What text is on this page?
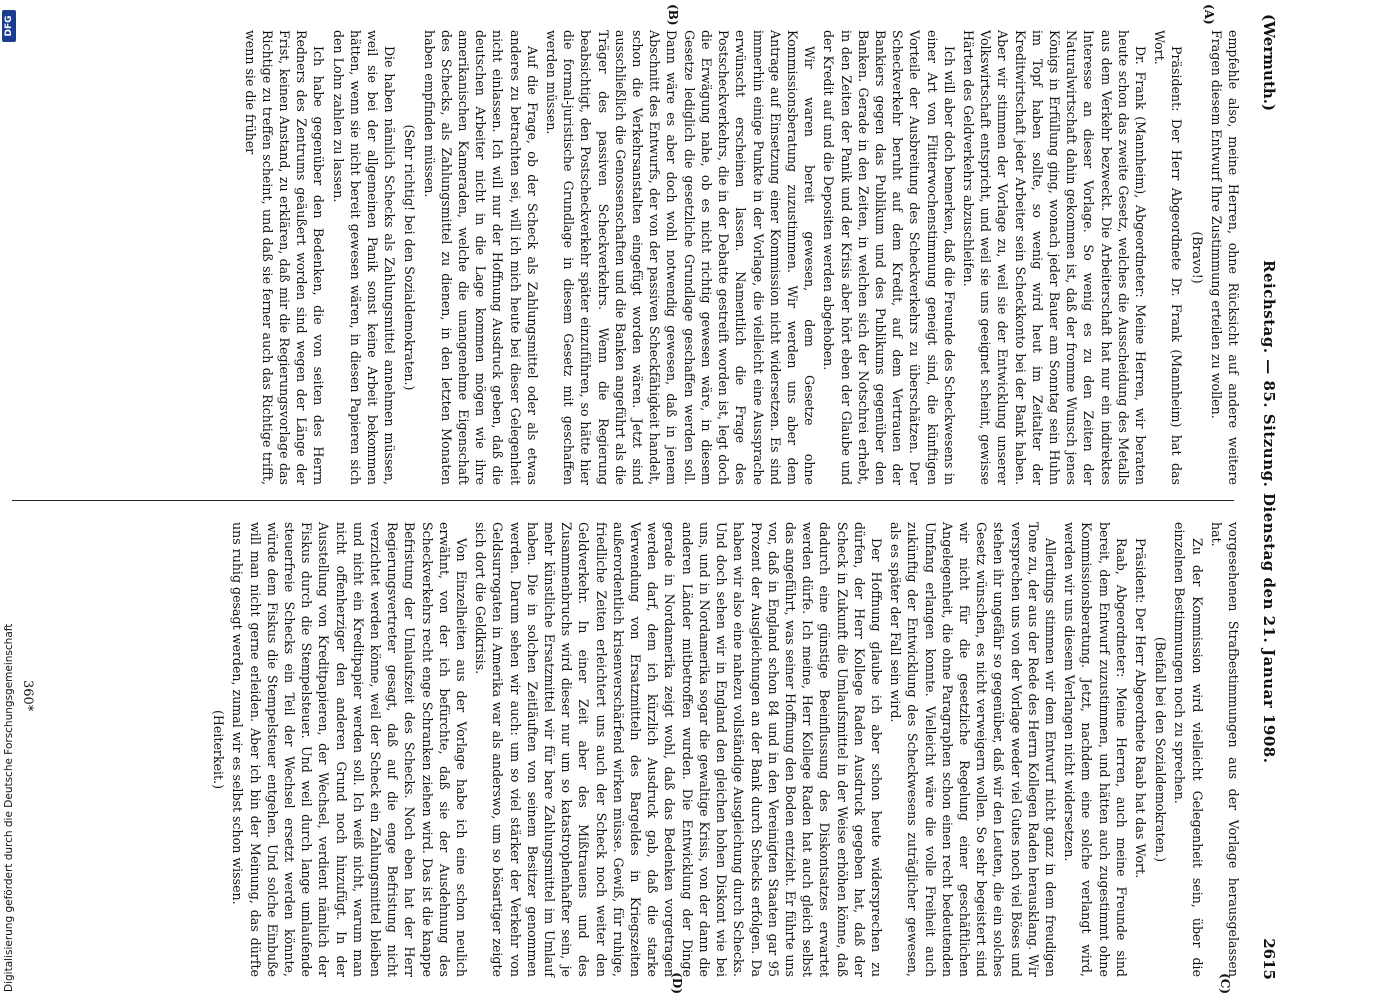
(Wermuth.)
Reichstag. — 85. Sitzung. Dienstag den 21. Januar 1908.
2615
(A)
(B)
(C)
(D)

empfehle also, meine Herren, ohne Rücksicht auf andere weitere Fragen diesem Entwurf Ihre Zustimmung erteilen zu wollen.

(Bravo!)

Präsident: Der Herr Abgeordnete Dr. Frank (Mannheim) hat das Wort.

Dr. Frank (Mannheim), Abgeordneter: Meine Herren, wir beraten heute schon das zweite Gesetz, welches die Ausscheidung des Metalls aus dem Verkehr bezweckt. Die Arbeiterschaft hat nur ein indirektes Interesse an dieser Vorlage. So wenig es zu den Zeiten der Naturalwirtschaft dahin gekommen ist, daß der fromme Wunsch jenes Königs in Erfüllung ging, wonach jeder Bauer am Sonntag sein Huhn im Topf haben sollte, so wenig wird heut im Zeitalter der Kreditwirtschaft jeder Arbeiter sein Scheckkonto bei der Bank haben. Aber wir stimmen der Vorlage zu, weil sie der Entwicklung unserer Volkswirtschaft entspricht, und weil sie uns geeignet scheint, gewisse Härten des Geldverkehrs abzuschleifen.

Ich will aber doch bemerken, daß die Freunde des Scheckwesens in einer Art von Flitterwochenstimmung geneigt sind, die künftigen Vorteile der Ausbreitung des Scheckverkehrs zu überschätzen. Der Scheckverkehr beruht auf dem Kredit, auf dem Vertrauen der Bankiers gegen das Publikum und des Publikums gegenüber den Banken. Gerade in den Zeiten, in welchen sich der Notschrei erhebt, in den Zeiten der Panik und der Krisis aber hört eben der Glaube und der Kredit auf und die Depositen werden abgehoben.

Wir waren bereit gewesen, dem Gesetze ohne Kommissionsberatung zuzustimmen. Wir werden uns aber dem Antrage auf Einsetzung einer Kommission nicht widersetzen. Es sind immerhin einige Punkte in der Vorlage, die vielleicht eine Aussprache erwünscht erscheinen lassen. Namentlich die Frage des Postscheckverkehrs, die in der Debatte gestreift worden ist, legt doch die Erwägung nahe, ob es nicht richtig gewesen wäre, in diesem Gesetze lediglich die gesetzliche Grundlage geschaffen werden soll. Dann wäre es aber doch wohl notwendig gewesen, daß in jenem Abschnitt des Entwurfs, der von der passiven Scheckfähigkeit handelt, schon die Verkehrsanstalten eingefügt worden wären. Jetzt sind ausschließlich die Genossenschaften und die Banken angeführt als die Träger des passiven Scheckverkehrs. Wenn die Regierung beabsichtigt, den Postscheckverkehr später einzuführen, so hätte hier die formal-juristische Grundlage in diesem Gesetz mit geschaffen werden müssen.

Auf die Frage, ob der Scheck als Zahlungsmittel oder als etwas anderes zu betrachten sei, will ich mich heute bei dieser Gelegenheit nicht einlassen. Ich will nur der Hoffnung Ausdruck geben, daß die deutschen Arbeiter nicht in die Lage kommen mögen wie ihre amerikanischen Kameraden, welche die unangenehme Eigenschaft des Schecks, als Zahlungsmittel zu dienen, in den letzten Monaten haben empfinden müssen.

(Sehr richtig! bei den Sozialdemokraten.)

Die haben nämlich Schecks als Zahlungsmittel annehmen müssen, weil sie bei der allgemeinen Panik sonst keine Arbeit bekommen hätten, wenn sie nicht bereit gewesen wären, in diesen Papieren sich den Lohn zahlen zu lassen.

Ich habe gegenüber den Bedenken, die von seiten des Herrn Redners des Zentrums geäußert worden sind wegen der Länge der Frist, keinen Anstand, zu erklären, daß mir die Regierungsvorlage das Richtige zu treffen scheint, und daß sie ferner auch das Richtige trifft, wenn sie die früher

vorgesehenen Strafbestimmungen aus der Vorlage herausgelassen hat.

Zu der Kommission wird vielleicht Gelegenheit sein, über die einzelnen Bestimmungen noch zu sprechen.

(Beifall bei den Sozialdemokraten.)

Präsident: Der Herr Abgeordnete Raab hat das Wort.

Raab, Abgeordneter: Meine Herren, auch meine Freunde sind bereit, dem Entwurf zuzustimmen, und hätten auch zugestimmt ohne Kommissionsberatung. Jetzt, nachdem eine solche verlangt wird, werden wir uns diesem Verlangen nicht widersetzen.

Allerdings stimmen wir dem Entwurf nicht ganz in dem freudigen Tone zu, der aus der Rede des Herrn Kollegen Raden herausklang. Wir versprechen uns von der Vorlage weder viel Gutes noch viel Böses und stehen ihr ungefähr so gegenüber, daß wir den Leuten, die ein solches Gesetz wünschen, es nicht verweigern wollen. So sehr begeistert sind wir nicht für die gesetzliche Regelung einer geschäftlichen Angelegenheit, die ohne Paragraphen schon einen recht bedeutenden Umfang erlangen konnte. Vielleicht wäre die volle Freiheit auch zukünftig der Entwicklung des Scheckwesens zuträglicher gewesen, als es später der Fall sein wird.

Der Hoffnung glaube ich aber schon heute widersprechen zu dürfen, der Herr Kollege Raden Ausdruck gegeben hat, daß der Scheck in Zukunft die Umlaufsmittel in der Weise erhöhen könne, daß dadurch eine günstige Beeinflussung des Diskontsatzes erwartet werden dürfe. Ich meine, Herr Kollege Raden hat auch gleich selbst das angeführt, was seiner Hoffnung den Boden entzieht. Er führte uns vor, daß in England schon 84 und in den Vereinigten Staaten gar 95 Prozent der Ausgleichungen an der Bank durch Schecks erfolgen. Da haben wir also eine nahezu vollständige Ausgleichung durch Schecks. Und doch sehen wir in England den gleichen hohen Diskont wie bei uns, und in Nordamerika sogar die gewaltige Krisis, von der dann die anderen Länder mitbetroffen wurden. Die Entwicklung der Dinge gerade in Nordamerika zeigt wohl, daß das Bedenken vorgetragen werden darf, dem ich kürzlich Ausdruck gab, daß die starke Verwendung von Ersatzmitteln des Bargeldes in Kriegszeiten außerordentlich krisenverschärfend wirken müsse. Gewiß, für ruhige, friedliche Zeiten erleichtert uns auch der Scheck noch weiter den Geldverkehr. In einer Zeit aber des Mißtrauens und des Zusammenbruchs wird dieser nur um so katastrophenhafter sein, je mehr künstliche Ersatzmittel wir für bare Zahlungsmittel im Umlauf haben. Die in solchen Zeitläuften von seinem Besitzer genommen werden. Darum sehen wir auch: um so viel stärker der Verkehr von Geldsurrogaten in Amerika war als anderswo, um so bösartiger zeigte sich dort die Geldkrisis.

Von Einzelheiten aus der Vorlage habe ich eine schon neulich erwähnt, von der ich befürchte, daß sie der Ausdehnung des Scheckverkehrs recht enge Schranken ziehen wird. Das ist die knappe Befristung der Umlaufszeit des Schecks. Noch eben hat der Herr Regierungsvertreter gesagt, daß auf die enge Befristung nicht verzichtet werden könne, weil der Scheck ein Zahlungsmittel bleiben und nicht ein Kreditpapier werden soll. Ich weiß nicht, warum man nicht offenherziger den anderen Grund noch hinzufügt. In der Ausstellung von Kreditpapieren, der Wechsel, verdient nämlich der Fiskus durch die Stempelsteuer. Und weil durch lange umlaufende steuerfreie Schecks ein Teil der Wechsel ersetzt werden könnte, würde dem Fiskus die Stempelsteuer entgehen. Und solche Einbuße will man nicht gerne erleiden. Aber ich bin der Meinung, das dürfte uns ruhig gesagt werden, zumal wir es selbst schon wissen.

(Heiterkeit.)

360*
Digitalisierung gefördert durch die Deutsche Forschungsgemeinschaft
DFG
